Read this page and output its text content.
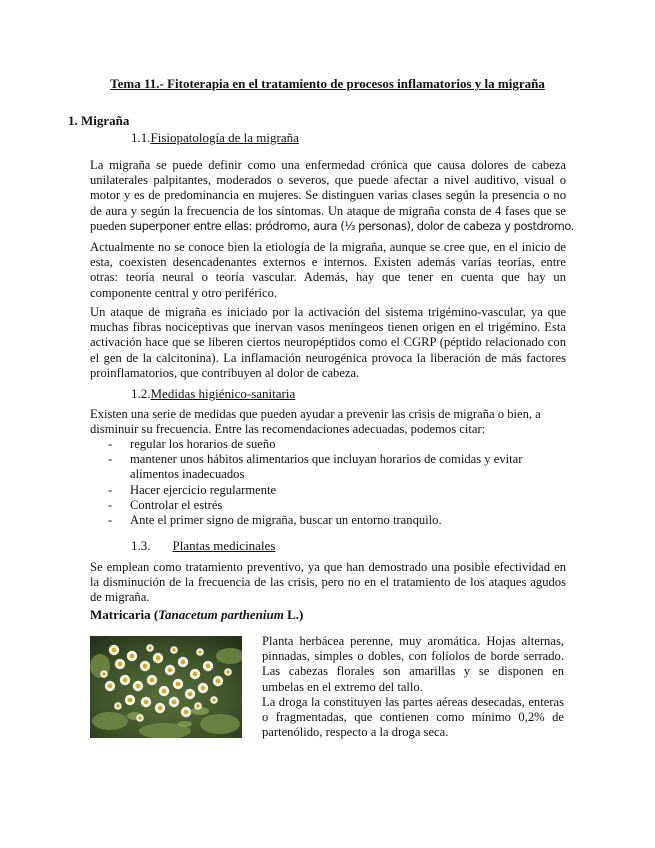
Tema 11.- Fitoterapia en el tratamiento de procesos inflamatorios y la migraña
1. Migraña
1.1.Fisiopatología de la migraña
La migraña se puede definir como una enfermedad crónica que causa dolores de cabeza
unilaterales palpitantes, moderados o severos, que puede afectar a nivel auditivo, visual o
motor y es de predominancia en mujeres. Se distinguen varias clases según la presencia o no
de aura y según la frecuencia de los síntomas. Un ataque de migraña consta de 4 fases que se
pueden superponer entre ellas: pródromo, aura (⅓ personas), dolor de cabeza y postdromo.
Actualmente no se conoce bien la etiología de la migraña, aunque se cree que, en el inicio de
esta, coexisten desencadenantes externos e internos. Existen además varías teorías, entre
otras: teoría neural o teoría vascular. Además, hay que tener en cuenta que hay un
componente central y otro periférico.
Un ataque de migraña es iniciado por la activación del sistema trigémino-vascular, ya que
muchas fibras nociceptivas que inervan vasos meníngeos tienen origen en el trigémino. Esta
activación hace que se liberen ciertos neuropéptidos como el CGRP (péptido relacionado con
el gen de la calcitonina). La inflamación neurogénica provoca la liberación de más factores
proinflamatorios, que contribuyen al dolor de cabeza.
1.2.Medidas higiénico-sanitaria
Existen una serie de medidas que pueden ayudar a prevenir las crisis de migraña o bien, a
disminuir su frecuencia. Entre las recomendaciones adecuadas, podemos citar:
- regular los horarios de sueño
- mantener unos hábitos alimentarios que incluyan horarios de comidas y evitar
alimentos inadecuados
- Hacer ejercicio regularmente
- Controlar el estrés
- Ante el primer signo de migraña, buscar un entorno tranquilo.
1.3. Plantas medicinales
Se emplean como tratamiento preventivo, ya que han demostrado una posible efectividad en
la disminución de la frecuencia de las crisis, pero no en el tratamiento de los ataques agudos
de migraña.
Matricaria (Tanacetum parthenium L.)
Planta herbácea perenne, muy aromática. Hojas alternas,
pinnadas, simples o dobles, con folíolos de borde serrado.
Las cabezas florales son amarillas y se disponen en
umbelas en el extremo del tallo.
La droga la constituyen las partes aéreas desecadas, enteras
o fragmentadas, que contienen como mínimo 0,2% de
partenólido, respecto a la droga seca.
